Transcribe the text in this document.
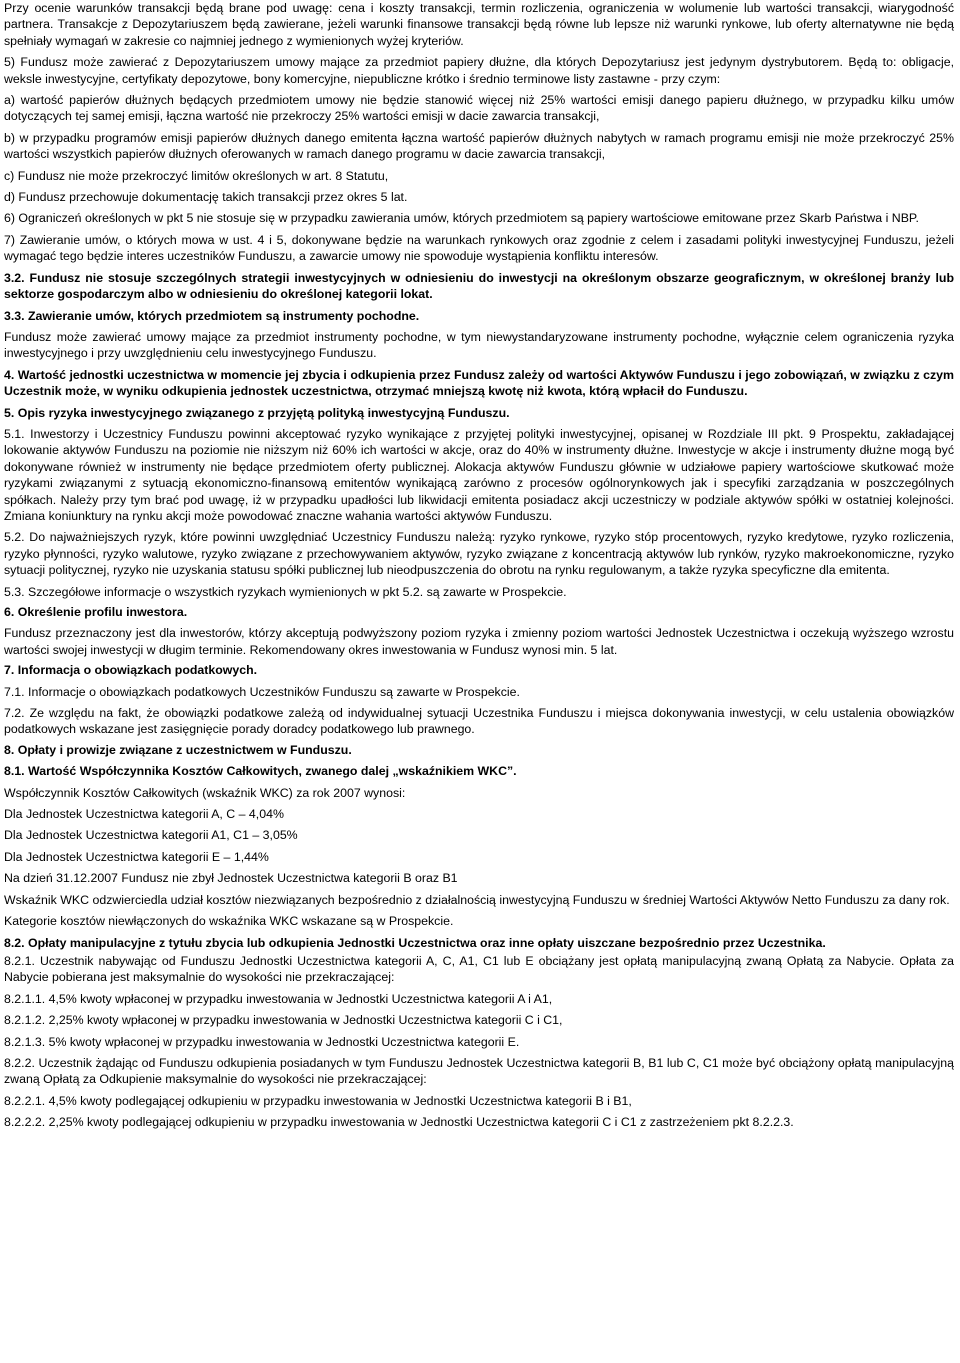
Przy ocenie warunków transakcji będą brane pod uwagę: cena i koszty transakcji, termin rozliczenia, ograniczenia w wolumenie lub wartości transakcji, wiarygodność partnera. Transakcje z Depozytariuszem będą zawierane, jeżeli warunki finansowe transakcji będą równe lub lepsze niż warunki rynkowe, lub oferty alternatywne nie będą spełniały wymagań w zakresie co najmniej jednego z wymienionych wyżej kryteriów.

5) Fundusz może zawierać z Depozytariuszem umowy mające za przedmiot papiery dłużne, dla których Depozytariusz jest jedynym dystrybutorem. Będą to: obligacje, weksle inwestycyjne, certyfikaty depozytowe, bony komercyjne, niepubliczne krótko i średnio terminowe listy zastawne - przy czym:

a) wartość papierów dłużnych będących przedmiotem umowy nie będzie stanowić więcej niż 25% wartości emisji danego papieru dłużnego, w przypadku kilku umów dotyczących tej samej emisji, łączna wartość nie przekroczy 25% wartości emisji w dacie zawarcia transakcji,

b) w przypadku programów emisji papierów dłużnych danego emitenta łączna wartość papierów dłużnych nabytych w ramach programu emisji nie może przekroczyć 25% wartości wszystkich papierów dłużnych oferowanych w ramach danego programu w dacie zawarcia transakcji,

c) Fundusz nie może przekroczyć limitów określonych w art. 8 Statutu,

d) Fundusz przechowuje dokumentację takich transakcji przez okres 5 lat.

6) Ograniczeń określonych w pkt 5 nie stosuje się w przypadku zawierania umów, których przedmiotem są papiery wartościowe emitowane przez Skarb Państwa i NBP.

7) Zawieranie umów, o których mowa w ust. 4 i 5, dokonywane będzie na warunkach rynkowych oraz zgodnie z celem i zasadami polityki inwestycyjnej Funduszu, jeżeli wymagać tego będzie interes uczestników Funduszu, a zawarcie umowy nie spowoduje wystąpienia konfliktu interesów.

3.2. Fundusz nie stosuje szczególnych strategii inwestycyjnych w odniesieniu do inwestycji na określonym obszarze geograficznym, w określonej branży lub sektorze gospodarczym albo w odniesieniu do określonej kategorii lokat.

3.3. Zawieranie umów, których przedmiotem są instrumenty pochodne.

Fundusz może zawierać umowy mające za przedmiot instrumenty pochodne, w tym niewystandaryzowane instrumenty pochodne, wyłącznie celem ograniczenia ryzyka inwestycyjnego i przy uwzględnieniu celu inwestycyjnego Funduszu.

4. Wartość jednostki uczestnictwa w momencie jej zbycia i odkupienia przez Fundusz zależy od wartości Aktywów Funduszu i jego zobowiązań, w związku z czym Uczestnik może, w wyniku odkupienia jednostek uczestnictwa, otrzymać mniejszą kwotę niż kwota, którą wpłacił do Funduszu.

5. Opis ryzyka inwestycyjnego związanego z przyjętą polityką inwestycyjną Funduszu.

5.1. Inwestorzy i Uczestnicy Funduszu powinni akceptować ryzyko wynikające z przyjętej polityki inwestycyjnej, opisanej w Rozdziale III pkt. 9 Prospektu, zakładającej lokowanie aktywów Funduszu na poziomie nie niższym niż 60% ich wartości w akcje, oraz do 40% w instrumenty dłużne. Inwestycje w akcje i instrumenty dłużne mogą być dokonywane również w instrumenty nie będące przedmiotem oferty publicznej. Alokacja aktywów Funduszu głównie w udziałowe papiery wartościowe skutkować może ryzykami związanymi z sytuacją ekonomiczno-finansową emitentów wynikającą zarówno z procesów ogólnorynkowych jak i specyfiki zarządzania w poszczególnych spółkach. Należy przy tym brać pod uwagę, iż w przypadku upadłości lub likwidacji emitenta posiadacz akcji uczestniczy w podziale aktywów spółki w ostatniej kolejności. Zmiana koniunktury na rynku akcji może powodować znaczne wahania wartości aktywów Funduszu.

5.2. Do najważniejszych ryzyk, które powinni uwzględniać Uczestnicy Funduszu należą: ryzyko rynkowe, ryzyko stóp procentowych, ryzyko kredytowe, ryzyko rozliczenia, ryzyko płynności, ryzyko walutowe, ryzyko związane z przechowywaniem aktywów, ryzyko związane z koncentracją aktywów lub rynków, ryzyko makroekonomiczne, ryzyko sytuacji politycznej, ryzyko nie uzyskania statusu spółki publicznej lub nieodpuszczenia do obrotu na rynku regulowanym, a także ryzyka specyficzne dla emitenta.

5.3. Szczegółowe informacje o wszystkich ryzykach wymienionych w pkt 5.2. są zawarte w Prospekcie.

6. Określenie profilu inwestora.

Fundusz przeznaczony jest dla inwestorów, którzy akceptują podwyższony poziom ryzyka i zmienny poziom wartości Jednostek Uczestnictwa i oczekują wyższego wzrostu wartości swojej inwestycji w długim terminie. Rekomendowany okres inwestowania w Fundusz wynosi min. 5 lat.

7. Informacja o obowiązkach podatkowych.

7.1. Informacje o obowiązkach podatkowych Uczestników Funduszu są zawarte w Prospekcie.

7.2. Ze względu na fakt, że obowiązki podatkowe zależą od indywidualnej sytuacji Uczestnika Funduszu i miejsca dokonywania inwestycji, w celu ustalenia obowiązków podatkowych wskazane jest zasięgnięcie porady doradcy podatkowego lub prawnego.

8. Opłaty i prowizje związane z uczestnictwem w Funduszu.

8.1. Wartość Współczynnika Kosztów Całkowitych, zwanego dalej „wskaźnikiem WKC”.

Współczynnik Kosztów Całkowitych (wskaźnik WKC) za rok 2007 wynosi:

Dla Jednostek Uczestnictwa kategorii A, C – 4,04%

Dla Jednostek Uczestnictwa kategorii A1, C1 – 3,05%

Dla Jednostek Uczestnictwa kategorii E – 1,44%

Na dzień 31.12.2007 Fundusz nie zbył Jednostek Uczestnictwa kategorii B oraz B1

Wskaźnik WKC odzwierciedla udział kosztów niezwiązanych bezpośrednio z działalnością inwestycyjną Funduszu w średniej Wartości Aktywów Netto Funduszu za dany rok.

Kategorie kosztów niewłączonych do wskaźnika WKC wskazane są w Prospekcie.

8.2. Opłaty manipulacyjne z tytułu zbycia lub odkupienia Jednostki Uczestnictwa oraz inne opłaty uiszczane bezpośrednio przez Uczestnika.

8.2.1. Uczestnik nabywając od Funduszu Jednostki Uczestnictwa kategorii A, C, A1, C1 lub E obciążany jest opłatą manipulacyjną zwaną Opłatą za Nabycie. Opłata za Nabycie pobierana jest maksymalnie do wysokości nie przekraczającej:

8.2.1.1. 4,5% kwoty wpłaconej w przypadku inwestowania w Jednostki Uczestnictwa kategorii A i A1,

8.2.1.2. 2,25% kwoty wpłaconej w przypadku inwestowania w Jednostki Uczestnictwa kategorii C i C1,

8.2.1.3. 5% kwoty wpłaconej w przypadku inwestowania w Jednostki Uczestnictwa kategorii E.

8.2.2. Uczestnik żądając od Funduszu odkupienia posiadanych w tym Funduszu Jednostek Uczestnictwa kategorii B, B1 lub C, C1 może być obciążony opłatą manipulacyjną zwaną Opłatą za Odkupienie maksymalnie do wysokości nie przekraczającej:

8.2.2.1. 4,5% kwoty podlegającej odkupieniu w przypadku inwestowania w Jednostki Uczestnictwa kategorii B i B1,

8.2.2.2. 2,25% kwoty podlegającej odkupieniu w przypadku inwestowania w Jednostki Uczestnictwa kategorii C i C1 z zastrzeżeniem pkt 8.2.2.3.
